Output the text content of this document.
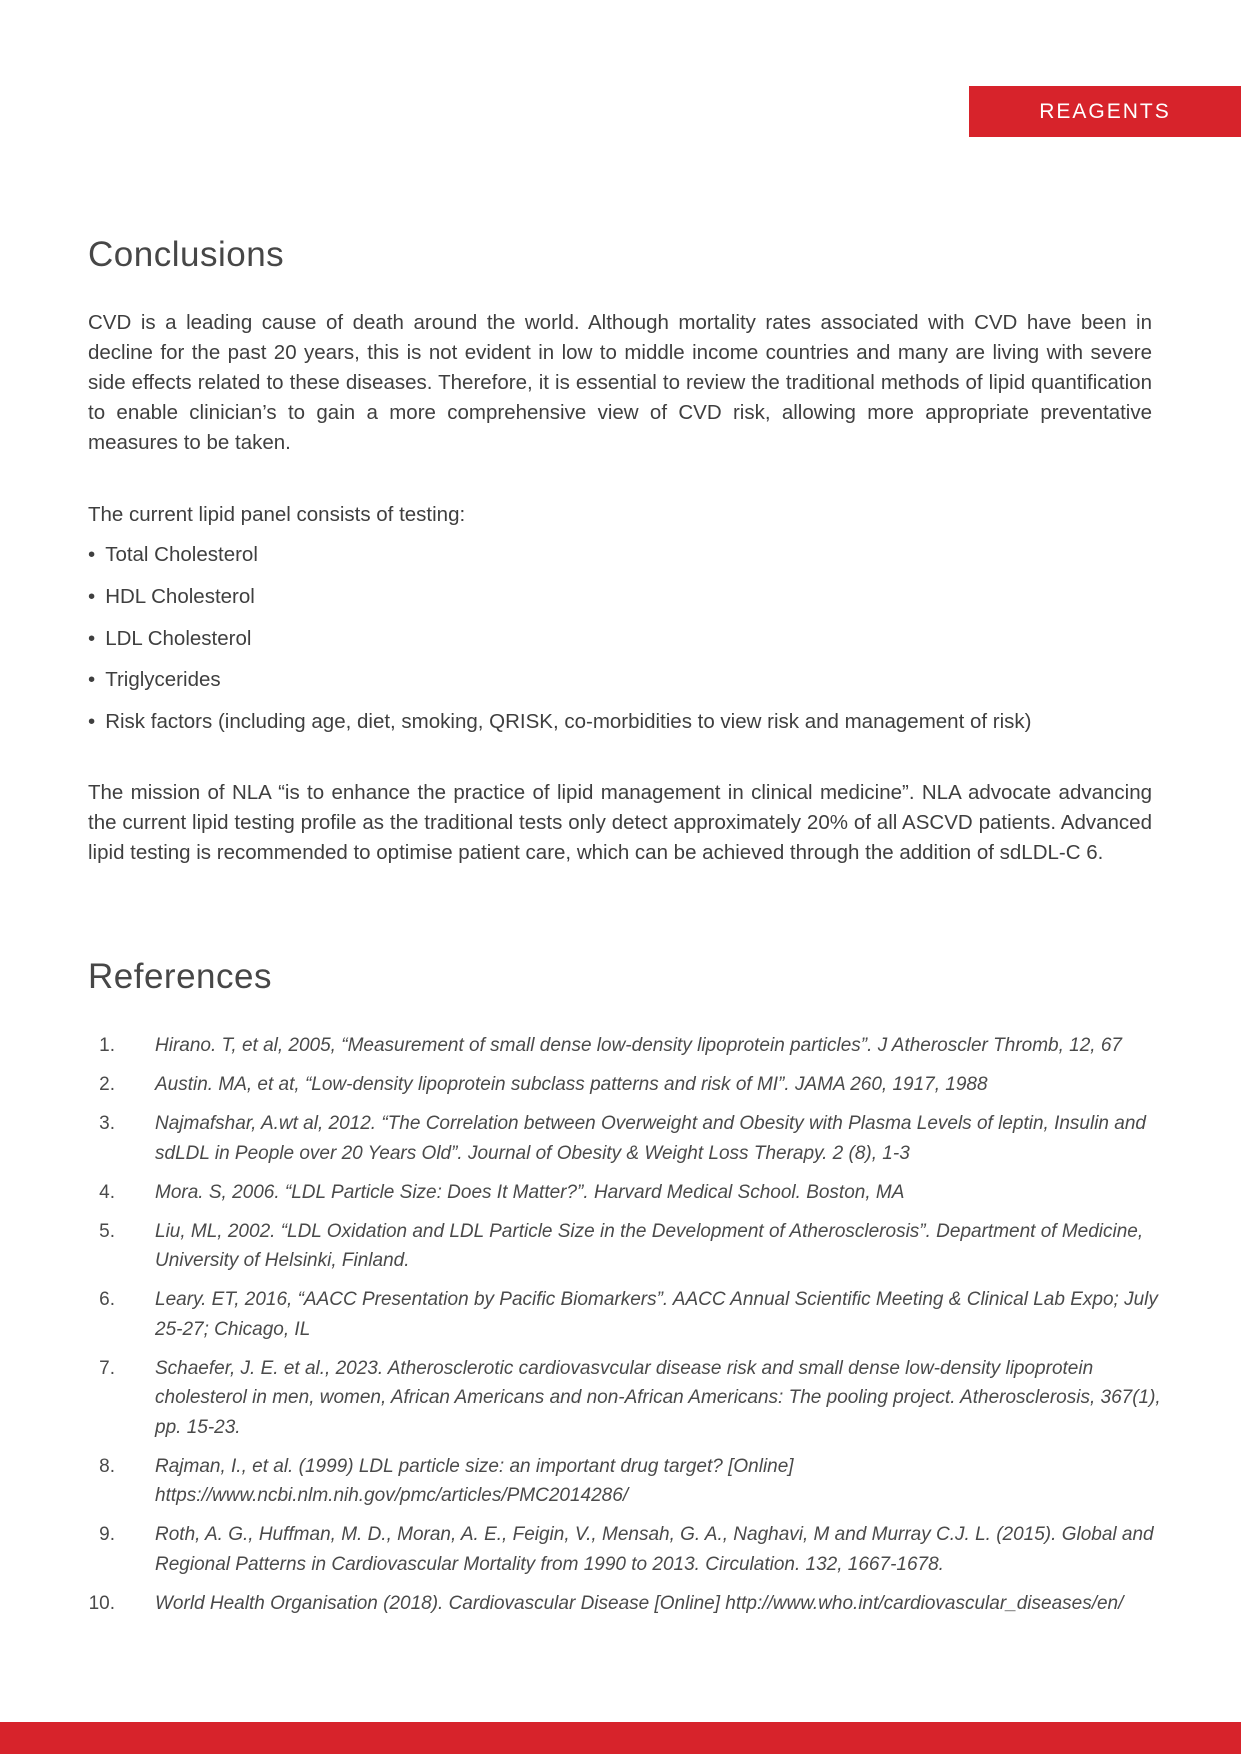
REAGENTS
Conclusions

CVD is a leading cause of death around the world. Although mortality rates associated with CVD have been in decline for the past 20 years, this is not evident in low to middle income countries and many are living with severe side effects related to these diseases. Therefore, it is essential to review the traditional methods of lipid quantification to enable clinician’s to gain a more comprehensive view of CVD risk, allowing more appropriate preventative measures to be taken.

The current lipid panel consists of testing:

• Total Cholesterol
• HDL Cholesterol
• LDL Cholesterol
• Triglycerides
• Risk factors (including age, diet, smoking, QRISK, co-morbidities to view risk and management of risk)

The mission of NLA “is to enhance the practice of lipid management in clinical medicine”. NLA advocate advancing the current lipid testing profile as the traditional tests only detect approximately 20% of all ASCVD patients. Advanced lipid testing is recommended to optimise patient care, which can be achieved through the addition of sdLDL-C 6.

References
1. Hirano. T, et al, 2005, “Measurement of small dense low-density lipoprotein particles”. J Atheroscler Thromb, 12, 67
2. Austin. MA, et at, “Low-density lipoprotein subclass patterns and risk of MI”. JAMA 260, 1917, 1988
3. Najmafshar, A.wt al, 2012. “The Correlation between Overweight and Obesity with Plasma Levels of leptin, Insulin and sdLDL in People over 20 Years Old”. Journal of Obesity & Weight Loss Therapy. 2 (8), 1-3
4. Mora. S, 2006. “LDL Particle Size: Does It Matter?”. Harvard Medical School. Boston, MA
5. Liu, ML, 2002. “LDL Oxidation and LDL Particle Size in the Development of Atherosclerosis”. Department of Medicine, University of Helsinki, Finland.
6. Leary. ET, 2016, “AACC Presentation by Pacific Biomarkers”. AACC Annual Scientific Meeting & Clinical Lab Expo; July 25-27; Chicago, IL
7. Schaefer, J. E. et al., 2023. Atherosclerotic cardiovasvcular disease risk and small dense low-density lipoprotein cholesterol in men, women, African Americans and non-African Americans: The pooling project. Atherosclerosis, 367(1), pp. 15-23.
8. Rajman, I., et al. (1999) LDL particle size: an important drug target? [Online] https://www.ncbi.nlm.nih.gov/pmc/articles/PMC2014286/
9. Roth, A. G., Huffman, M. D., Moran, A. E., Feigin, V., Mensah, G. A., Naghavi, M and Murray C.J. L. (2015). Global and Regional Patterns in Cardiovascular Mortality from 1990 to 2013. Circulation. 132, 1667-1678.
10. World Health Organisation (2018). Cardiovascular Disease [Online] http://www.who.int/cardiovascular_diseases/en/
